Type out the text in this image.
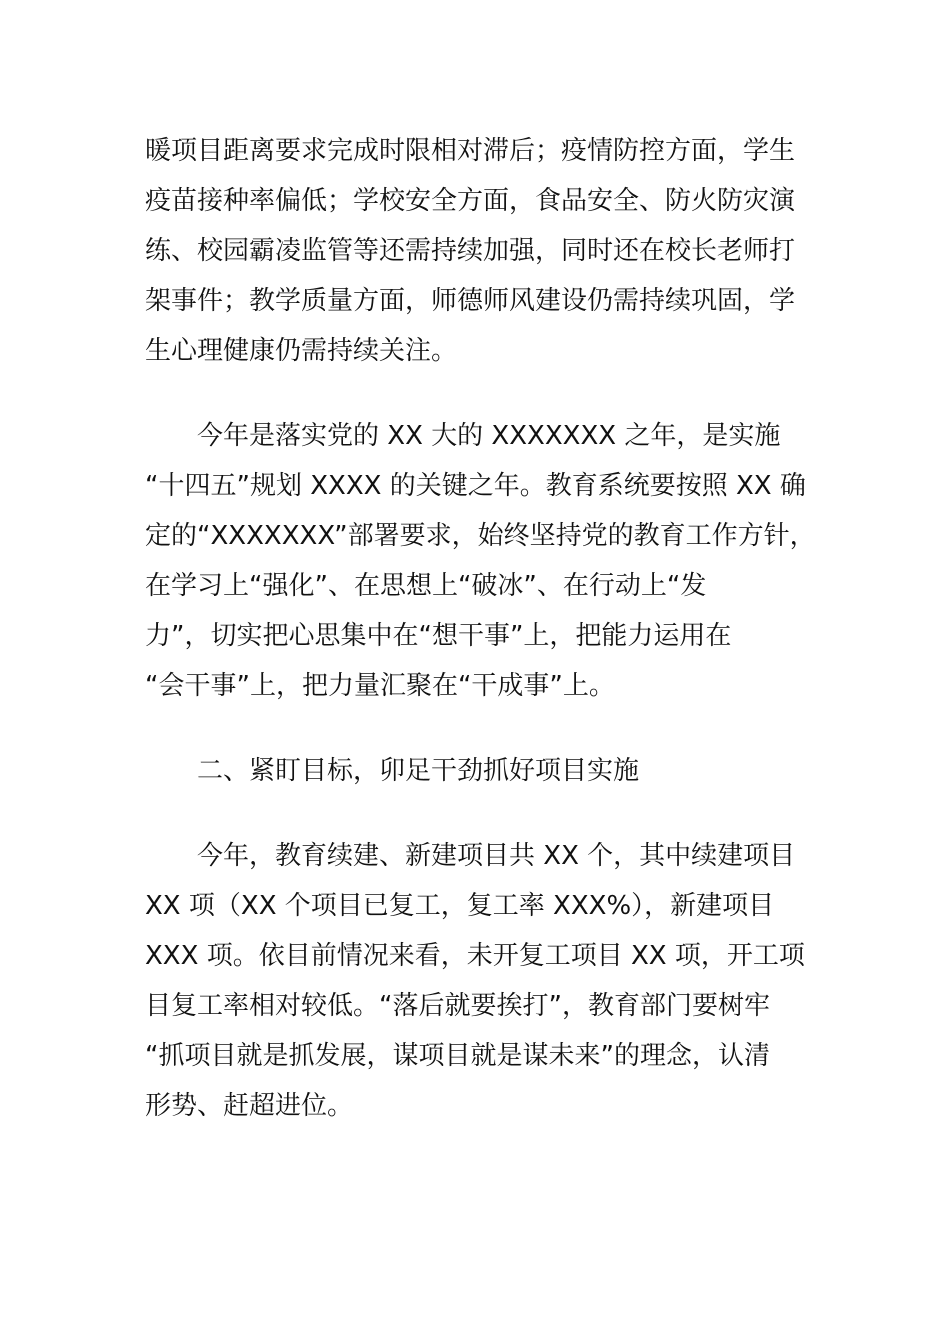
暖项目距离要求完成时限相对滞后；疫情防控方面，学生
疫苗接种率偏低；学校安全方面，食品安全、防火防灾演
练、校园霸凌监管等还需持续加强，同时还在校长老师打
架事件；教学质量方面，师德师风建设仍需持续巩固，学
生心理健康仍需持续关注。
今年是落实党的 XX 大的 XXXXXXX 之年，是实施
“十四五”规划 XXXX 的关键之年。教育系统要按照 XX 确
定的“XXXXXXX”部署要求，始终坚持党的教育工作方针，
在学习上“强化”、在思想上“破冰”、在行动上“发
力”，切实把心思集中在“想干事”上，把能力运用在
“会干事”上，把力量汇聚在“干成事”上。
二、紧盯目标，卯足干劲抓好项目实施
今年，教育续建、新建项目共 XX 个，其中续建项目
XX 项（XX 个项目已复工，复工率 XXX%），新建项目
XXX 项。依目前情况来看，未开复工项目 XX 项，开工项
目复工率相对较低。“落后就要挨打”，教育部门要树牢
“抓项目就是抓发展，谋项目就是谋未来”的理念，认清
形势、赶超进位。
